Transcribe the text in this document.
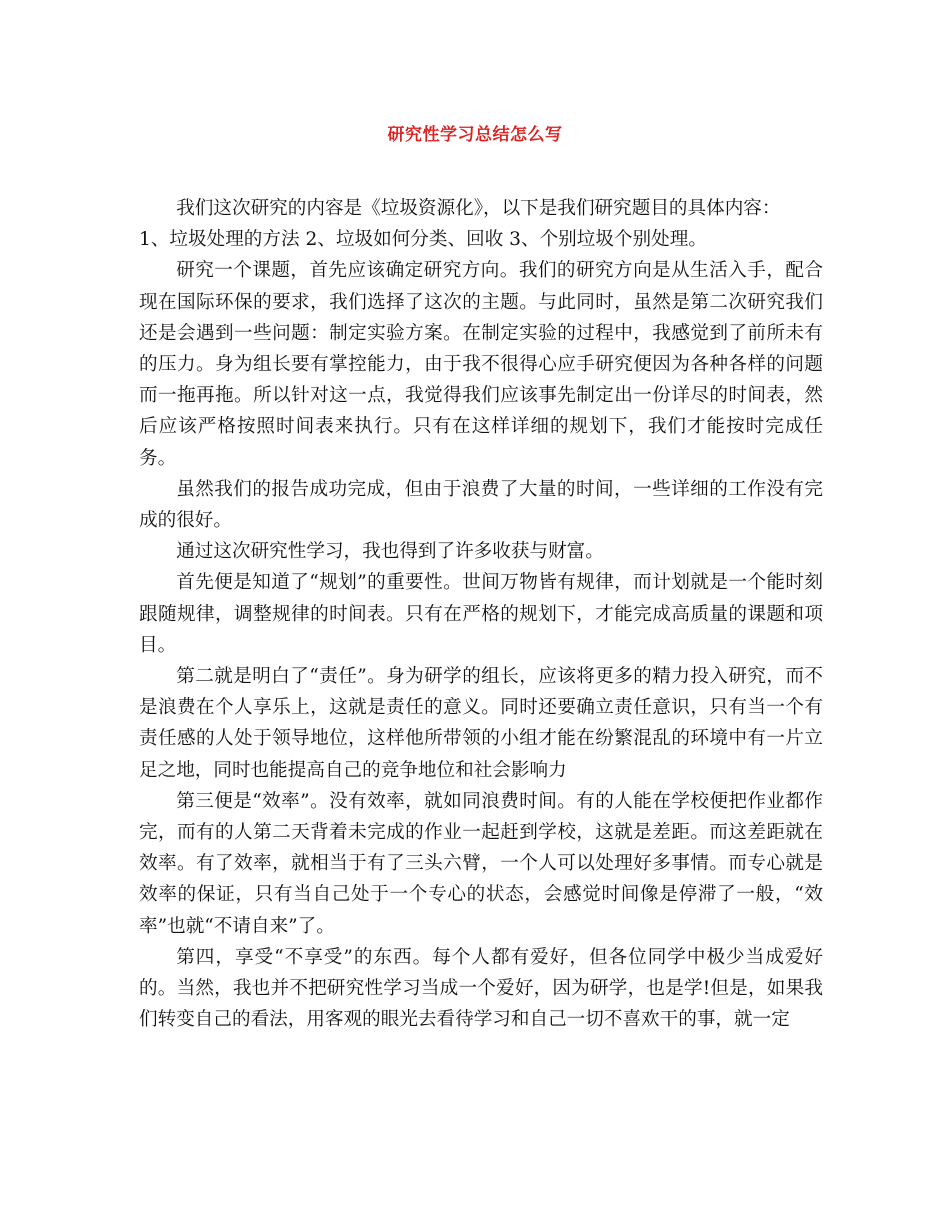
研究性学习总结怎么写

我们这次研究的内容是《垃圾资源化》，以下是我们研究题目的具体内容：

1、垃圾处理的方法 2、垃圾如何分类、回收 3、个别垃圾个别处理。

研究一个课题，首先应该确定研究方向。我们的研究方向是从生活入手，配合现在国际环保的要求，我们选择了这次的主题。与此同时，虽然是第二次研究我们还是会遇到一些问题：制定实验方案。在制定实验的过程中，我感觉到了前所未有的压力。身为组长要有掌控能力，由于我不很得心应手研究便因为各种各样的问题而一拖再拖。所以针对这一点，我觉得我们应该事先制定出一份详尽的时间表，然后应该严格按照时间表来执行。只有在这样详细的规划下，我们才能按时完成任务。

虽然我们的报告成功完成，但由于浪费了大量的时间，一些详细的工作没有完成的很好。

通过这次研究性学习，我也得到了许多收获与财富。

首先便是知道了“规划”的重要性。世间万物皆有规律，而计划就是一个能时刻跟随规律，调整规律的时间表。只有在严格的规划下，才能完成高质量的课题和项目。

第二就是明白了“责任”。身为研学的组长，应该将更多的精力投入研究，而不是浪费在个人享乐上，这就是责任的意义。同时还要确立责任意识，只有当一个有责任感的人处于领导地位，这样他所带领的小组才能在纷繁混乱的环境中有一片立足之地，同时也能提高自己的竞争地位和社会影响力

第三便是“效率”。没有效率，就如同浪费时间。有的人能在学校便把作业都作完，而有的人第二天背着未完成的作业一起赶到学校，这就是差距。而这差距就在效率。有了效率，就相当于有了三头六臂，一个人可以处理好多事情。而专心就是效率的保证，只有当自己处于一个专心的状态，会感觉时间像是停滞了一般，“效率”也就“不请自来”了。

第四，享受“不享受”的东西。每个人都有爱好，但各位同学中极少当成爱好的。当然，我也并不把研究性学习当成一个爱好，因为研学，也是学!但是，如果我们转变自己的看法，用客观的眼光去看待学习和自己一切不喜欢干的事，就一定
